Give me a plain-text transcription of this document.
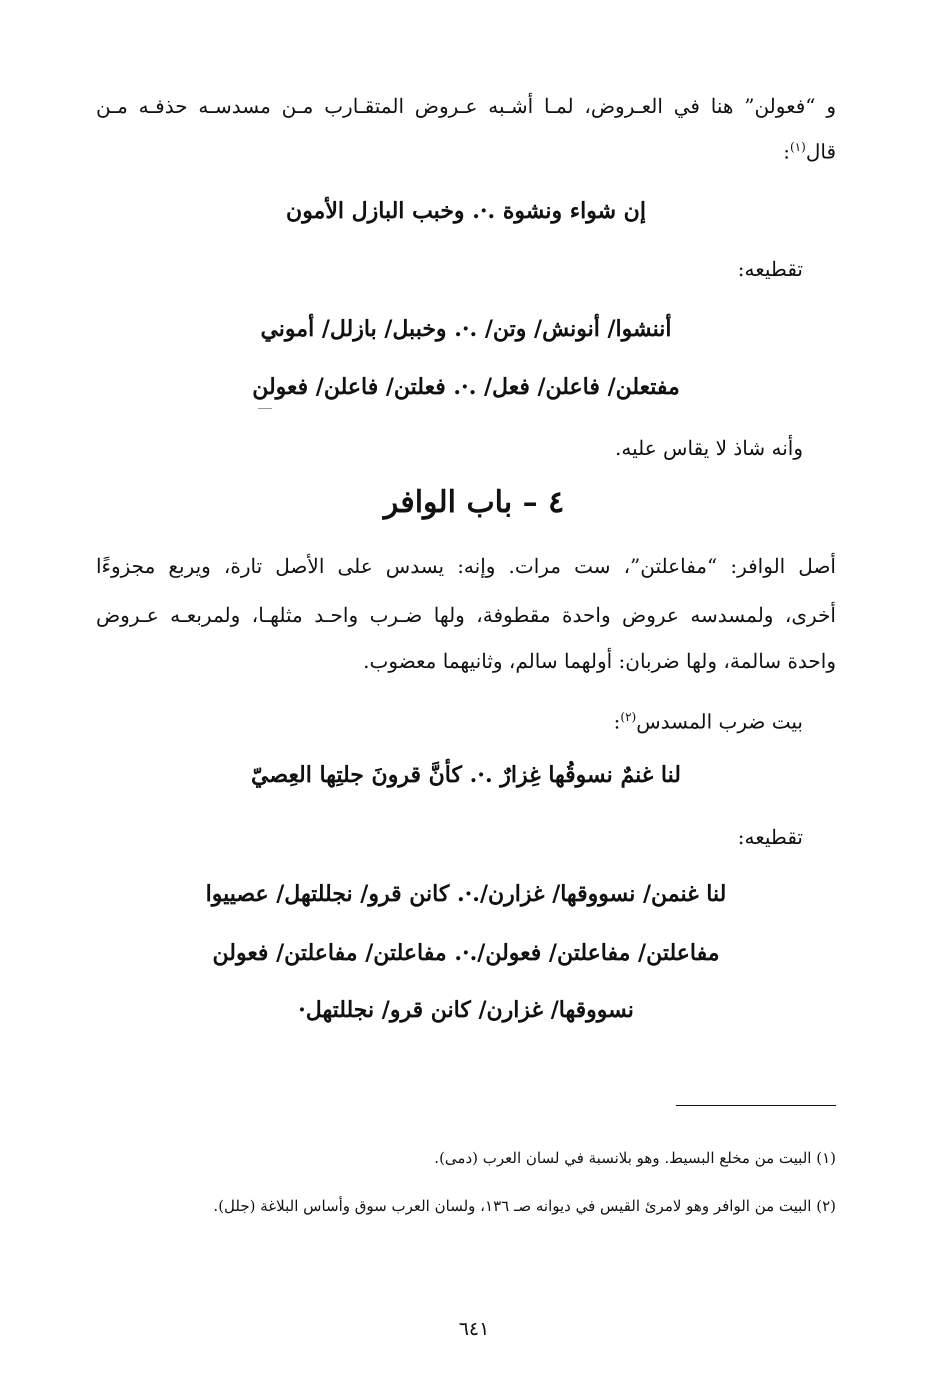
و “فعولن” هنا في العـروض، لمـا أشـبه عـروض المتقـارب مـن مسدسـه حذفـه مـن
قال$^{(١)}$:
إن شواء ونشوة .·. وخبب البازل الأمون
تقطيعه:
أننشوا/ أنونش/ وتن/ .·. وخببل/ بازلل/ أموني
مفتعلن/ فاعلن/ فعل/ .·. فعلتن/ فاعلن/ فعولن
وأنه شاذ لا يقاس عليه.
٤ – باب الوافر
أصل الوافر: “مفاعلتن”، ست مرات. وإنه: يسدس على الأصل تارة، ويربع مجزوءًا
أخرى، ولمسدسه عروض واحدة مقطوفة، ولها ضـرب واحـد مثلهـا، ولمربعـه عـروض
واحدة سالمة، ولها ضربان: أولهما سالم، وثانيهما معضوب.
بيت ضرب المسدس$^{(٢)}$:
لنا غنمٌ نسوقُها غِزارٌ .·. كأنَّ قرونَ جلتِها العِصيّ
تقطيعه:
لنا غنمن/ نسووقها/ غزارن/.·. كانن قرو/ نجللتهل/ عصييوا
مفاعلتن/ مفاعلتن/ فعولن/.·. مفاعلتن/ مفاعلتن/ فعولن
نسووقها/ غزارن/ كانن قرو/ نجللتهل·
(١) البيت من مخلع البسيط. وهو بلانسبة في لسان العرب (دمى).
(٢) البيت من الوافر وهو لامرئ القيس في ديوانه صـ ١٣٦، ولسان العرب سوق وأساس البلاغة (جلل).
٦٤١
